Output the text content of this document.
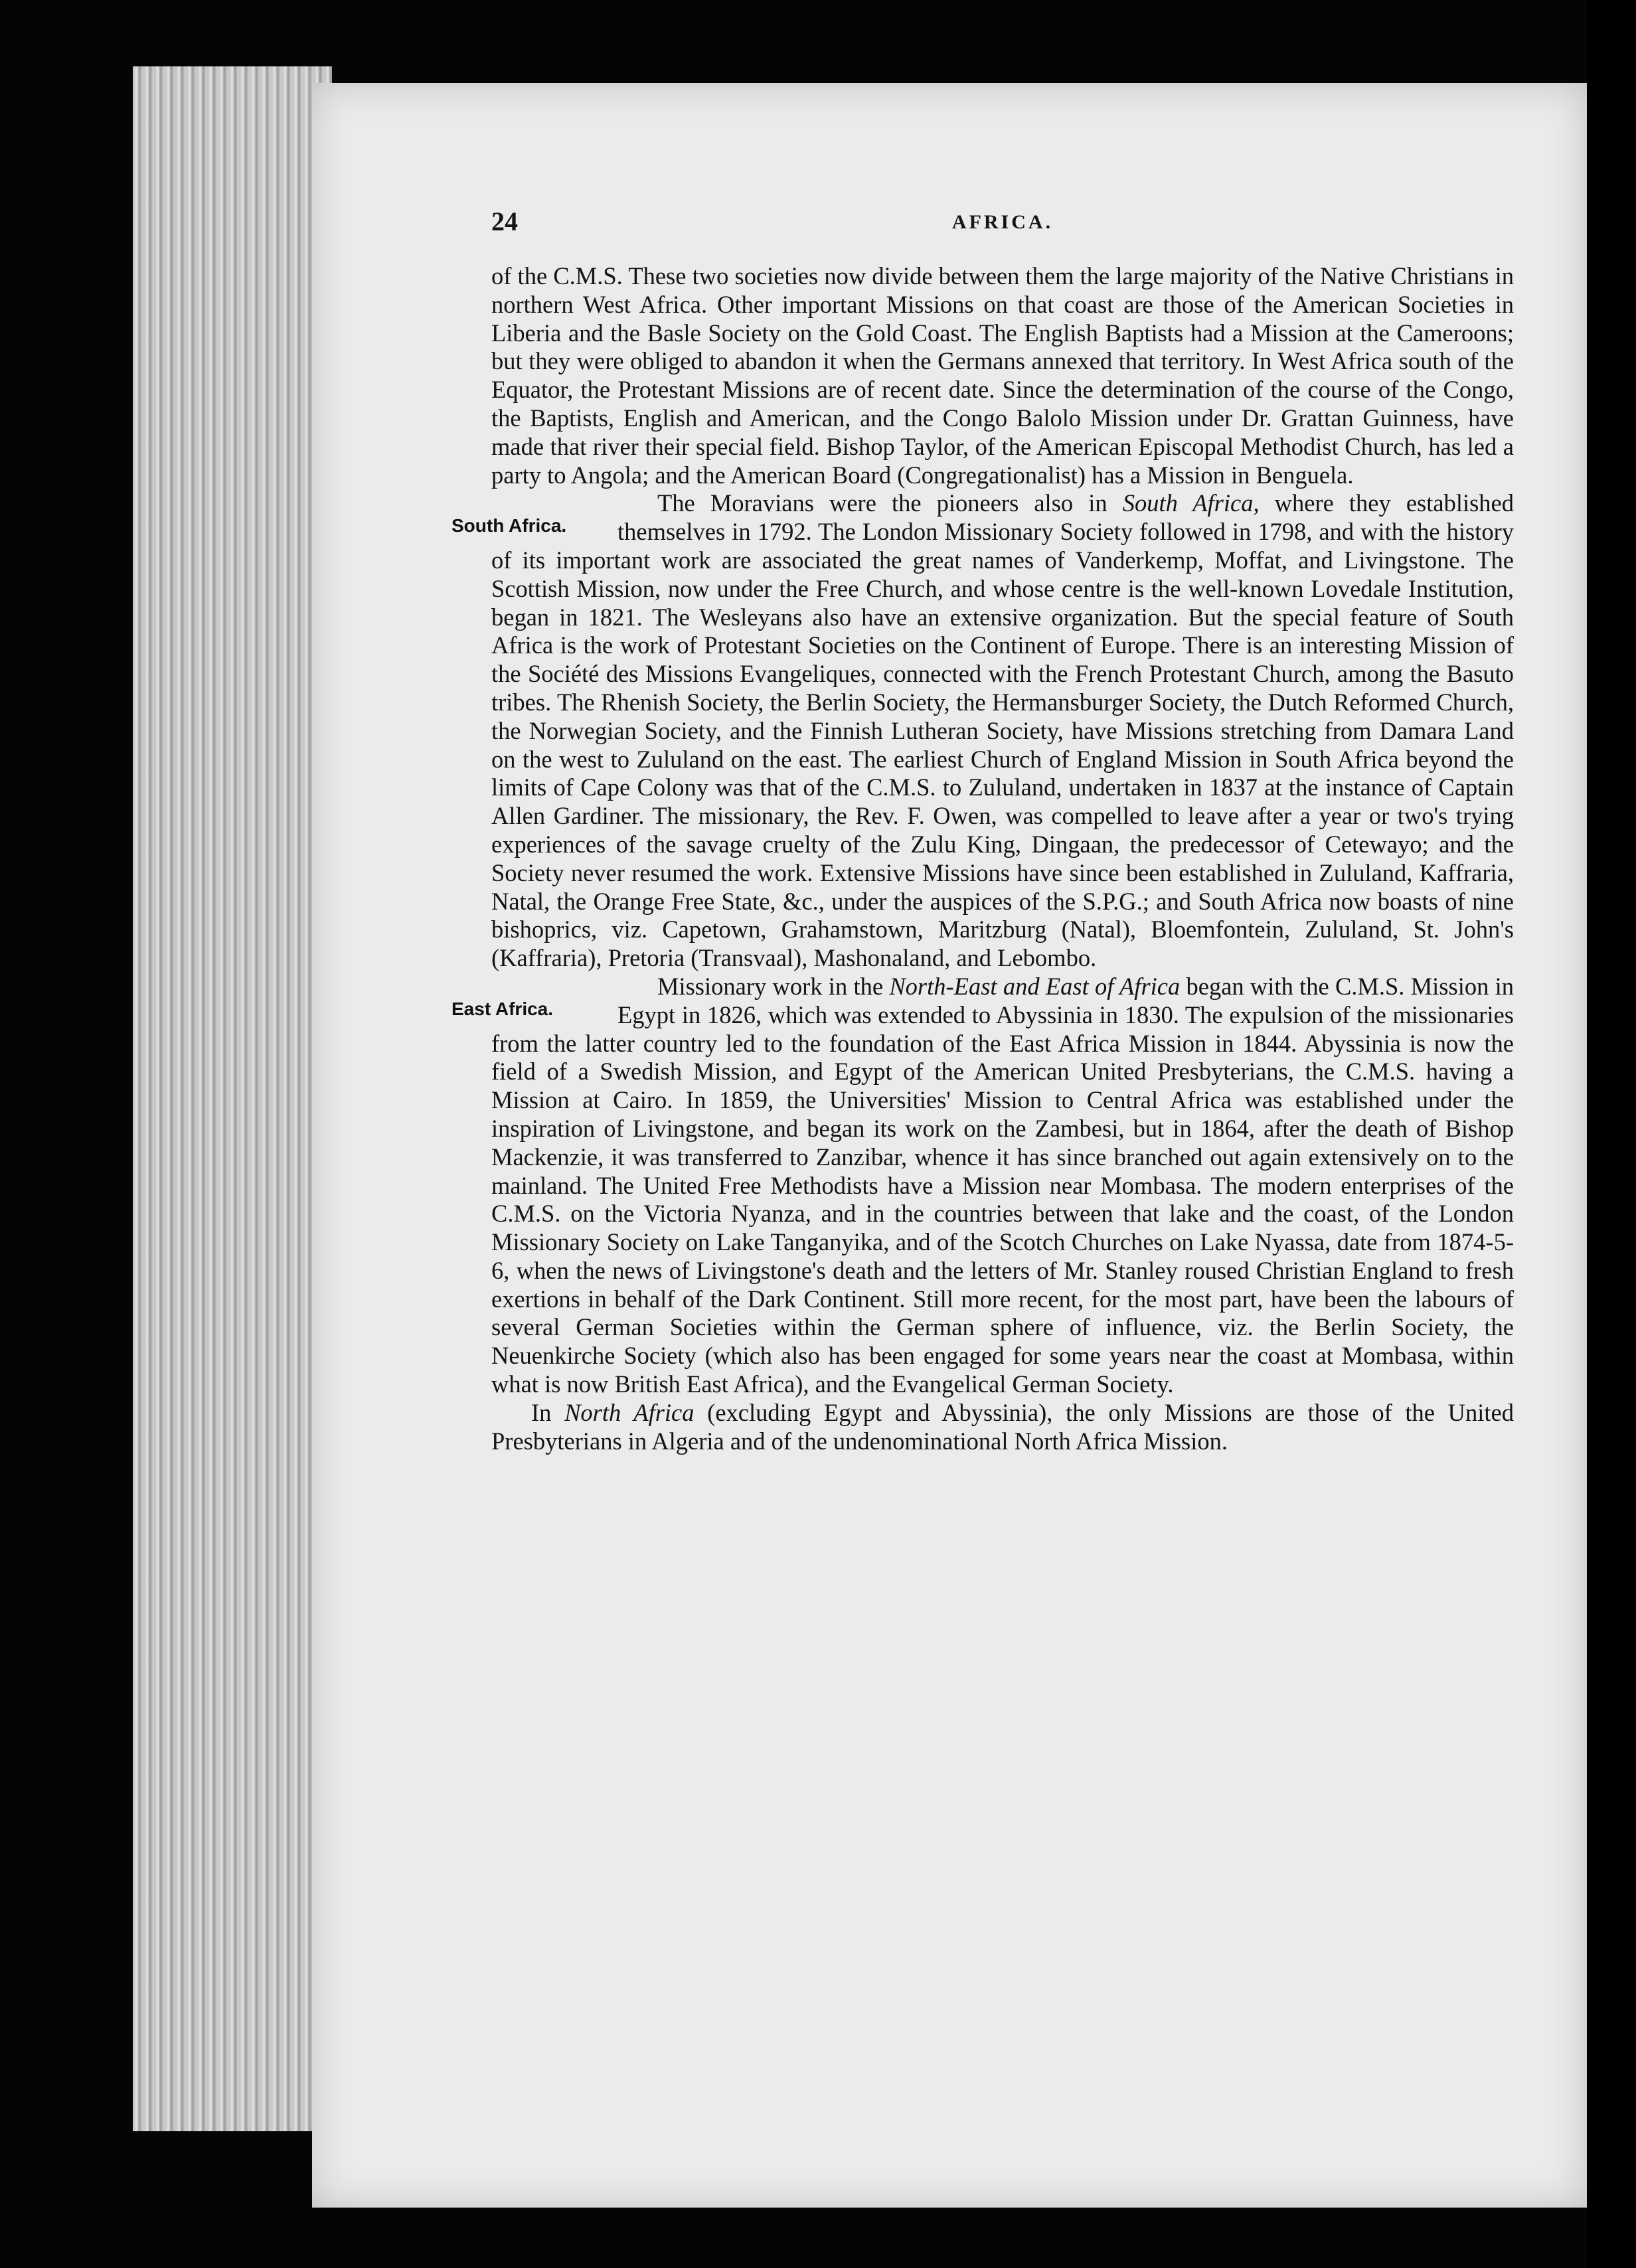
24	AFRICA.

of the C.M.S. These two societies now divide between them the large majority of the Native Christians in northern West Africa. Other important Missions on that coast are those of the American Societies in Liberia and the Basle Society on the Gold Coast. The English Baptists had a Mission at the Cameroons; but they were obliged to abandon it when the Germans annexed that territory. In West Africa south of the Equator, the Protestant Missions are of recent date. Since the determination of the course of the Congo, the Baptists, English and American, and the Congo Balolo Mission under Dr. Grattan Guinness, have made that river their special field. Bishop Taylor, of the American Episcopal Methodist Church, has led a party to Angola; and the American Board (Congregationalist) has a Mission in Benguela.

South Africa.
The Moravians were the pioneers also in South Africa, where they established themselves in 1792. The London Missionary Society followed in 1798, and with the history of its important work are associated the great names of Vanderkemp, Moffat, and Livingstone. The Scottish Mission, now under the Free Church, and whose centre is the well-known Lovedale Institution, began in 1821. The Wesleyans also have an extensive organization. But the special feature of South Africa is the work of Protestant Societies on the Continent of Europe. There is an interesting Mission of the Société des Missions Evangeliques, connected with the French Protestant Church, among the Basuto tribes. The Rhenish Society, the Berlin Society, the Hermansburger Society, the Dutch Reformed Church, the Norwegian Society, and the Finnish Lutheran Society, have Missions stretching from Damara Land on the west to Zululand on the east. The earliest Church of England Mission in South Africa beyond the limits of Cape Colony was that of the C.M.S. to Zululand, undertaken in 1837 at the instance of Captain Allen Gardiner. The missionary, the Rev. F. Owen, was compelled to leave after a year or two's trying experiences of the savage cruelty of the Zulu King, Dingaan, the predecessor of Cetewayo; and the Society never resumed the work. Extensive Missions have since been established in Zululand, Kaffraria, Natal, the Orange Free State, &c., under the auspices of the S.P.G.; and South Africa now boasts of nine bishoprics, viz. Capetown, Grahamstown, Maritzburg (Natal), Bloemfontein, Zululand, St. John's (Kaffraria), Pretoria (Transvaal), Mashonaland, and Lebombo.

East Africa.
Missionary work in the North-East and East of Africa began with the C.M.S. Mission in Egypt in 1826, which was extended to Abyssinia in 1830. The expulsion of the missionaries from the latter country led to the foundation of the East Africa Mission in 1844. Abyssinia is now the field of a Swedish Mission, and Egypt of the American United Presbyterians, the C.M.S. having a Mission at Cairo. In 1859, the Universities' Mission to Central Africa was established under the inspiration of Livingstone, and began its work on the Zambesi, but in 1864, after the death of Bishop Mackenzie, it was transferred to Zanzibar, whence it has since branched out again extensively on to the mainland. The United Free Methodists have a Mission near Mombasa. The modern enterprises of the C.M.S. on the Victoria Nyanza, and in the countries between that lake and the coast, of the London Missionary Society on Lake Tanganyika, and of the Scotch Churches on Lake Nyassa, date from 1874-5-6, when the news of Livingstone's death and the letters of Mr. Stanley roused Christian England to fresh exertions in behalf of the Dark Continent. Still more recent, for the most part, have been the labours of several German Societies within the German sphere of influence, viz. the Berlin Society, the Neuenkirche Society (which also has been engaged for some years near the coast at Mombasa, within what is now British East Africa), and the Evangelical German Society.

In North Africa (excluding Egypt and Abyssinia), the only Missions are those of the United Presbyterians in Algeria and of the undenominational North Africa Mission.
